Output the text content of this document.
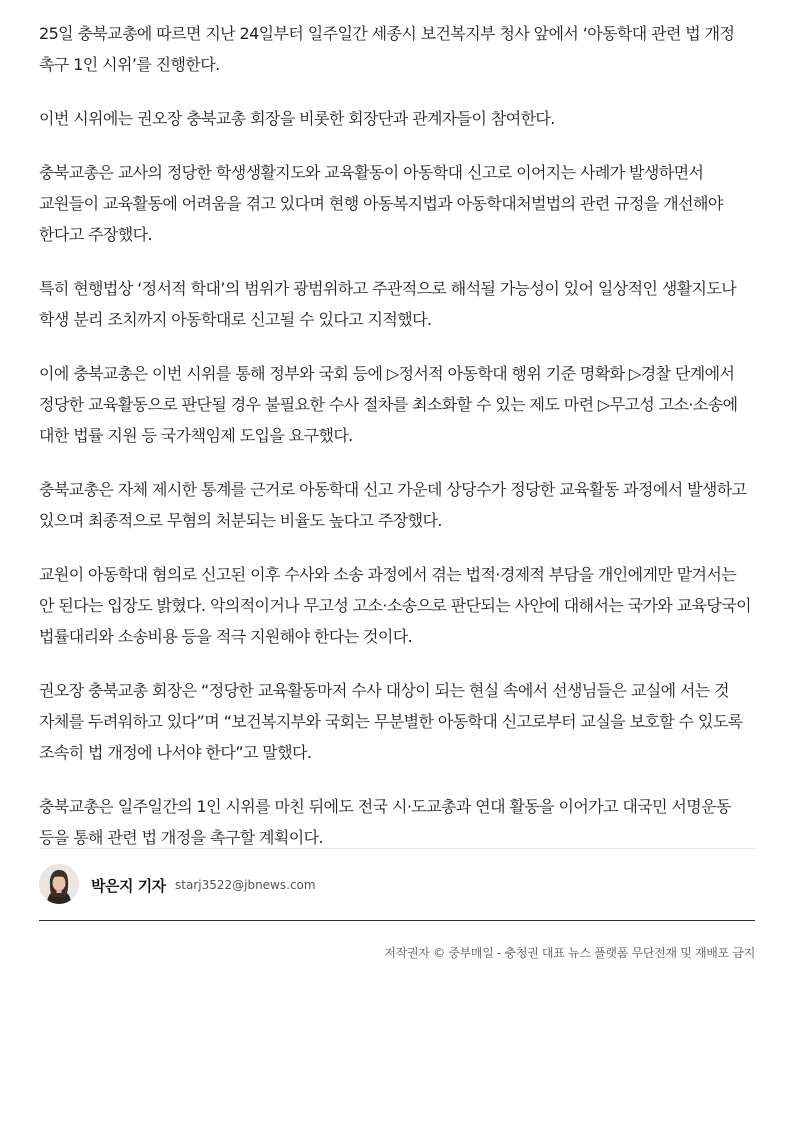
25일 충북교총에 따르면 지난 24일부터 일주일간 세종시 보건복지부 청사 앞에서 ‘아동학대 관련 법 개정 촉구 1인 시위’를 진행한다.

이번 시위에는 권오장 충북교총 회장을 비롯한 회장단과 관계자들이 참여한다.

충북교총은 교사의 정당한 학생생활지도와 교육활동이 아동학대 신고로 이어지는 사례가 발생하면서 교원들이 교육활동에 어려움을 겪고 있다며 현행 아동복지법과 아동학대처벌법의 관련 규정을 개선해야 한다고 주장했다.

특히 현행법상 ‘정서적 학대’의 범위가 광범위하고 주관적으로 해석될 가능성이 있어 일상적인 생활지도나 학생 분리 조치까지 아동학대로 신고될 수 있다고 지적했다.

이에 충북교총은 이번 시위를 통해 정부와 국회 등에 ▷정서적 아동학대 행위 기준 명확화 ▷경찰 단계에서 정당한 교육활동으로 판단될 경우 불필요한 수사 절차를 최소화할 수 있는 제도 마련 ▷무고성 고소·소송에 대한 법률 지원 등 국가책임제 도입을 요구했다.

충북교총은 자체 제시한 통계를 근거로 아동학대 신고 가운데 상당수가 정당한 교육활동 과정에서 발생하고 있으며 최종적으로 무혐의 처분되는 비율도 높다고 주장했다.

교원이 아동학대 혐의로 신고된 이후 수사와 소송 과정에서 겪는 법적·경제적 부담을 개인에게만 맡겨서는 안 된다는 입장도 밝혔다. 악의적이거나 무고성 고소·소송으로 판단되는 사안에 대해서는 국가와 교육당국이 법률대리와 소송비용 등을 적극 지원해야 한다는 것이다.

권오장 충북교총 회장은 “정당한 교육활동마저 수사 대상이 되는 현실 속에서 선생님들은 교실에 서는 것 자체를 두려워하고 있다”며 “보건복지부와 국회는 무분별한 아동학대 신고로부터 교실을 보호할 수 있도록 조속히 법 개정에 나서야 한다”고 말했다.

충북교총은 일주일간의 1인 시위를 마친 뒤에도 전국 시·도교총과 연대 활동을 이어가고 대국민 서명운동 등을 통해 관련 법 개정을 촉구할 계획이다.

박은지 기자 starj3522@jbnews.com
저작권자 © 중부매일 - 충청권 대표 뉴스 플랫폼 무단전재 및 재배포 금지
